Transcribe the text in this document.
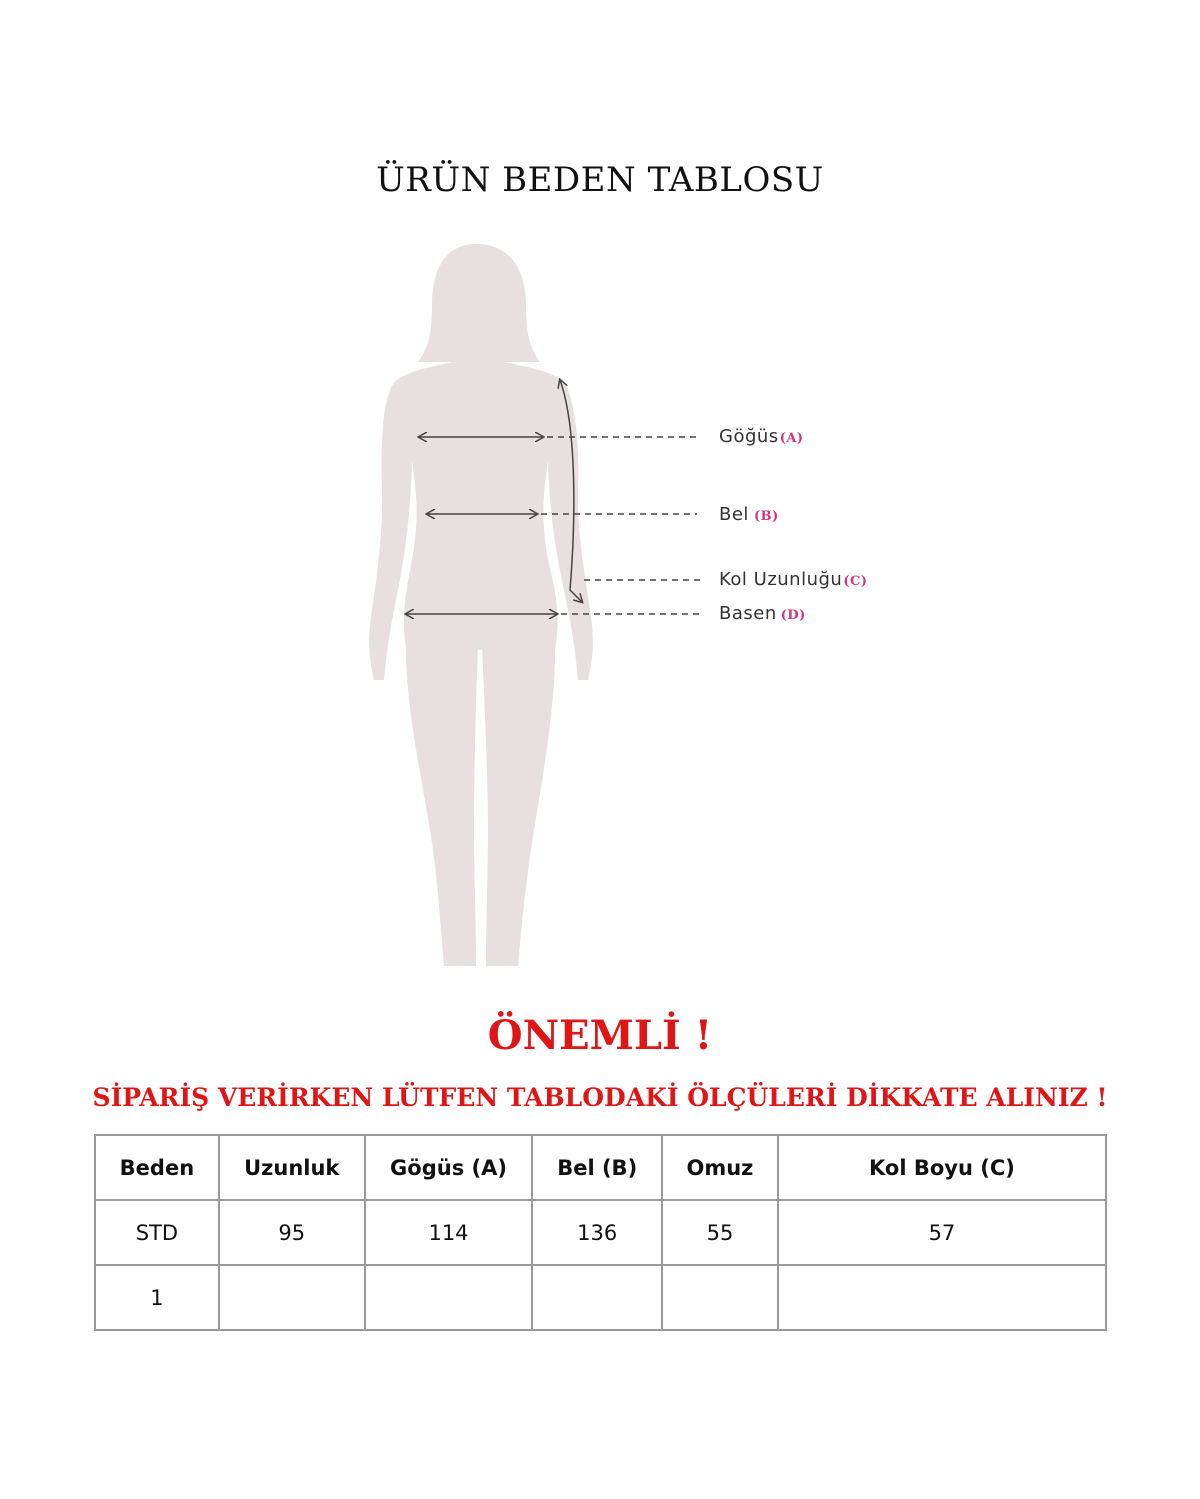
ÜRÜN BEDEN TABLOSU
Göğüs(A)
Bel (B)
Kol Uzunluğu(C)
Basen (D)
ÖNEMLİ !
SİPARİŞ VERİRKEN LÜTFEN TABLODAKİ ÖLÇÜLERİ DİKKATE ALINIZ !
Beden	Uzunluk	Gögüs (A)	Bel (B)	Omuz	Kol Boyu (C)
STD	95	114	136	55	57
1					
